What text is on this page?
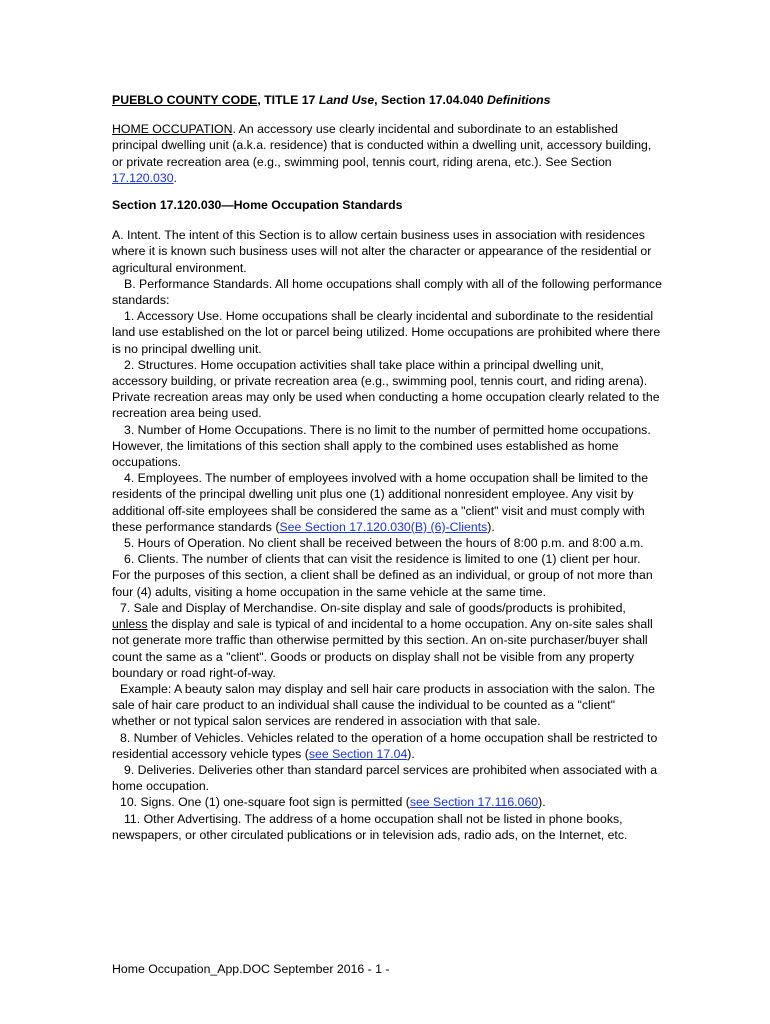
PUEBLO COUNTY CODE, TITLE 17 Land Use, Section 17.04.040 Definitions

HOME OCCUPATION. An accessory use clearly incidental and subordinate to an established principal dwelling unit (a.k.a. residence) that is conducted within a dwelling unit, accessory building, or private recreation area (e.g., swimming pool, tennis court, riding arena, etc.). See Section 17.120.030.

Section 17.120.030—Home Occupation Standards

A. Intent. The intent of this Section is to allow certain business uses in association with residences where it is known such business uses will not alter the character or appearance of the residential or agricultural environment.

B. Performance Standards. All home occupations shall comply with all of the following performance standards:

1. Accessory Use. Home occupations shall be clearly incidental and subordinate to the residential land use established on the lot or parcel being utilized. Home occupations are prohibited where there is no principal dwelling unit.

2. Structures. Home occupation activities shall take place within a principal dwelling unit, accessory building, or private recreation area (e.g., swimming pool, tennis court, and riding arena). Private recreation areas may only be used when conducting a home occupation clearly related to the recreation area being used.

3. Number of Home Occupations. There is no limit to the number of permitted home occupations. However, the limitations of this section shall apply to the combined uses established as home occupations.

4. Employees. The number of employees involved with a home occupation shall be limited to the residents of the principal dwelling unit plus one (1) additional nonresident employee. Any visit by additional off-site employees shall be considered the same as a "client" visit and must comply with these performance standards (See Section 17.120.030(B) (6)-Clients).

5. Hours of Operation. No client shall be received between the hours of 8:00 p.m. and 8:00 a.m.

6. Clients. The number of clients that can visit the residence is limited to one (1) client per hour. For the purposes of this section, a client shall be defined as an individual, or group of not more than four (4) adults, visiting a home occupation in the same vehicle at the same time.

7. Sale and Display of Merchandise. On-site display and sale of goods/products is prohibited, unless the display and sale is typical of and incidental to a home occupation. Any on-site sales shall not generate more traffic than otherwise permitted by this section. An on-site purchaser/buyer shall count the same as a "client". Goods or products on display shall not be visible from any property boundary or road right-of-way.

Example: A beauty salon may display and sell hair care products in association with the salon. The sale of hair care product to an individual shall cause the individual to be counted as a "client" whether or not typical salon services are rendered in association with that sale.

8. Number of Vehicles. Vehicles related to the operation of a home occupation shall be restricted to residential accessory vehicle types (see Section 17.04).

9. Deliveries. Deliveries other than standard parcel services are prohibited when associated with a home occupation.

10. Signs. One (1) one-square foot sign is permitted (see Section 17.116.060).

11. Other Advertising. The address of a home occupation shall not be listed in phone books, newspapers, or other circulated publications or in television ads, radio ads, on the Internet, etc.

Home Occupation_App.DOC September 2016 - 1 -
